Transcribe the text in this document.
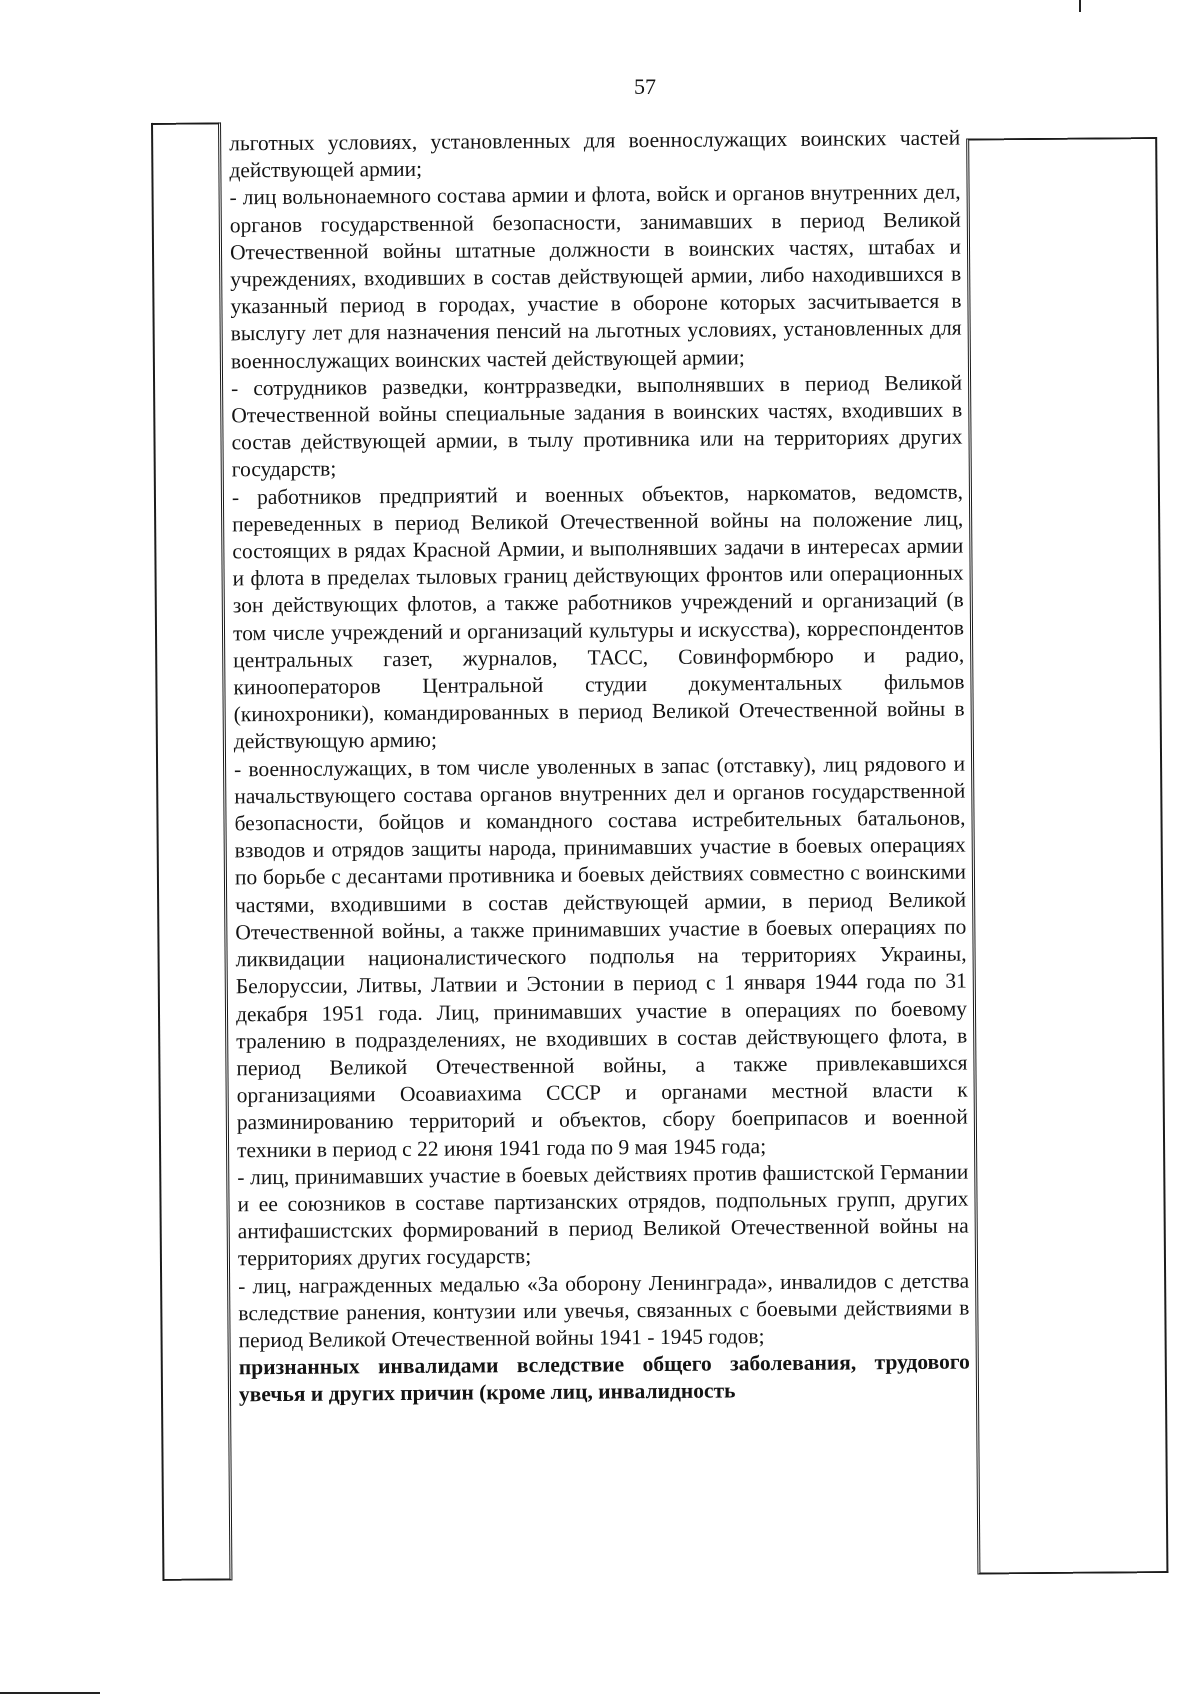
57

льготных условиях, установленных для военнослужащих воинских частей действующей армии;

- лиц вольнонаемного состава армии и флота, войск и органов внутренних дел, органов государственной безопасности, занимавших в период Великой Отечественной войны штатные должности в воинских частях, штабах и учреждениях, входивших в состав действующей армии, либо находившихся в указанный период в городах, участие в обороне которых засчитывается в выслугу лет для назначения пенсий на льготных условиях, установленных для военнослужащих воинских частей действующей армии;

- сотрудников разведки, контрразведки, выполнявших в период Великой Отечественной войны специальные задания в воинских частях, входивших в состав действующей армии, в тылу противника или на территориях других государств;

- работников предприятий и военных объектов, наркоматов, ведомств, переведенных в период Великой Отечественной войны на положение лиц, состоящих в рядах Красной Армии, и выполнявших задачи в интересах армии и флота в пределах тыловых границ действующих фронтов или операционных зон действующих флотов, а также работников учреждений и организаций (в том числе учреждений и организаций культуры и искусства), корреспондентов центральных газет, журналов, ТАСС, Совинформбюро и радио, кинооператоров Центральной студии документальных фильмов (кинохроники), командированных в период Великой Отечественной войны в действующую армию;

- военнослужащих, в том числе уволенных в запас (отставку), лиц рядового и начальствующего состава органов внутренних дел и органов государственной безопасности, бойцов и командного состава истребительных батальонов, взводов и отрядов защиты народа, принимавших участие в боевых операциях по борьбе с десантами противника и боевых действиях совместно с воинскими частями, входившими в состав действующей армии, в период Великой Отечественной войны, а также принимавших участие в боевых операциях по ликвидации националистического подполья на территориях Украины, Белоруссии, Литвы, Латвии и Эстонии в период с 1 января 1944 года по 31 декабря 1951 года. Лиц, принимавших участие в операциях по боевому тралению в подразделениях, не входивших в состав действующего флота, в период Великой Отечественной войны, а также привлекавшихся организациями Осоавиахима СССР и органами местной власти к разминированию территорий и объектов, сбору боеприпасов и военной техники в период с 22 июня 1941 года по 9 мая 1945 года;

- лиц, принимавших участие в боевых действиях против фашистской Германии и ее союзников в составе партизанских отрядов, подпольных групп, других антифашистских формирований в период Великой Отечественной войны на территориях других государств;

- лиц, награжденных медалью «За оборону Ленинграда», инвалидов с детства вследствие ранения, контузии или увечья, связанных с боевыми действиями в период Великой Отечественной войны 1941 - 1945 годов;

признанных инвалидами вследствие общего заболевания, трудового увечья и других причин (кроме лиц, инвалидность
